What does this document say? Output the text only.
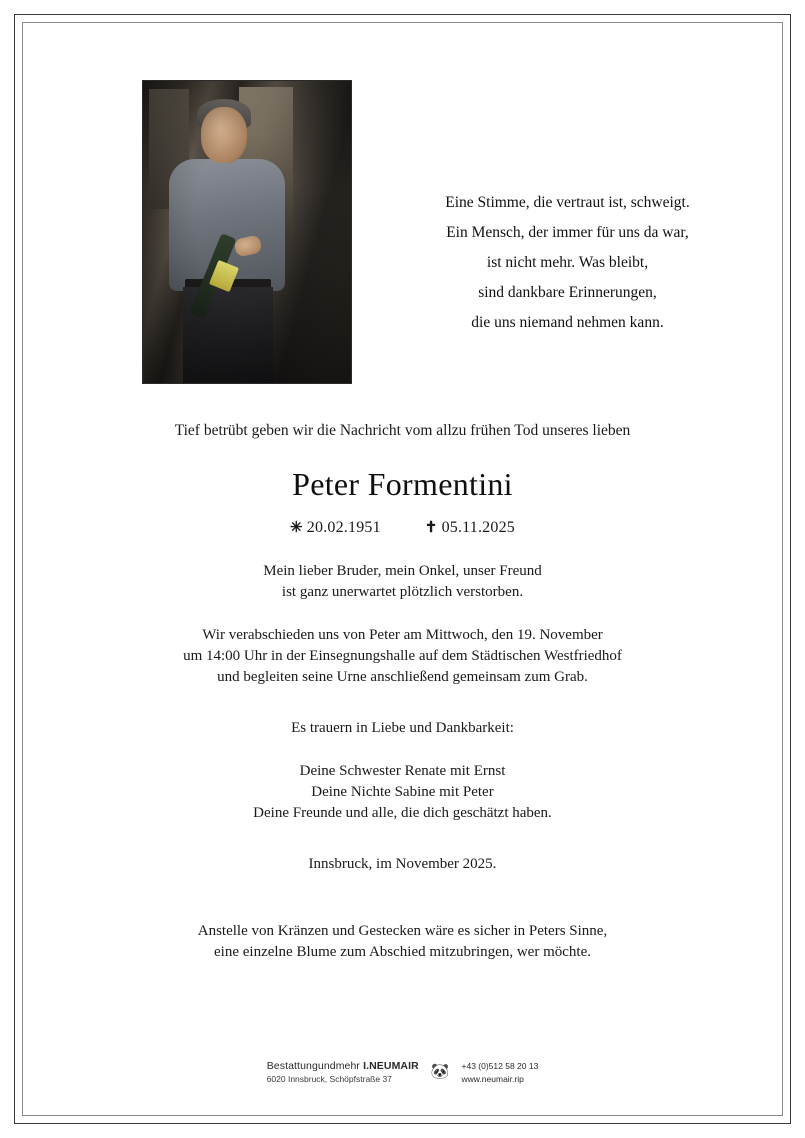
Eine Stimme, die vertraut ist, schweigt.
Ein Mensch, der immer für uns da war,
ist nicht mehr. Was bleibt,
sind dankbare Erinnerungen,
die uns niemand nehmen kann.
Tief betrübt geben wir die Nachricht vom allzu frühen Tod unseres lieben
Peter Formentini
✳ 20.02.1951	✝ 05.11.2025
Mein lieber Bruder, mein Onkel, unser Freund
ist ganz unerwartet plötzlich verstorben.
Wir verabschieden uns von Peter am Mittwoch, den 19. November
um 14:00 Uhr in der Einsegnungshalle auf dem Städtischen Westfriedhof
und begleiten seine Urne anschließend gemeinsam zum Grab.
Es trauern in Liebe und Dankbarkeit:
Deine Schwester Renate mit Ernst
Deine Nichte Sabine mit Peter
Deine Freunde und alle, die dich geschätzt haben.
Innsbruck, im November 2025.
Anstelle von Kränzen und Gestecken wäre es sicher in Peters Sinne,
eine einzelne Blume zum Abschied mitzubringen, wer möchte.
Bestattungundmehr I.NEUMAIR
6020 Innsbruck, Schöpfstraße 37	🐼 +43 (0)512 58 20 13
www.neumair.rip
